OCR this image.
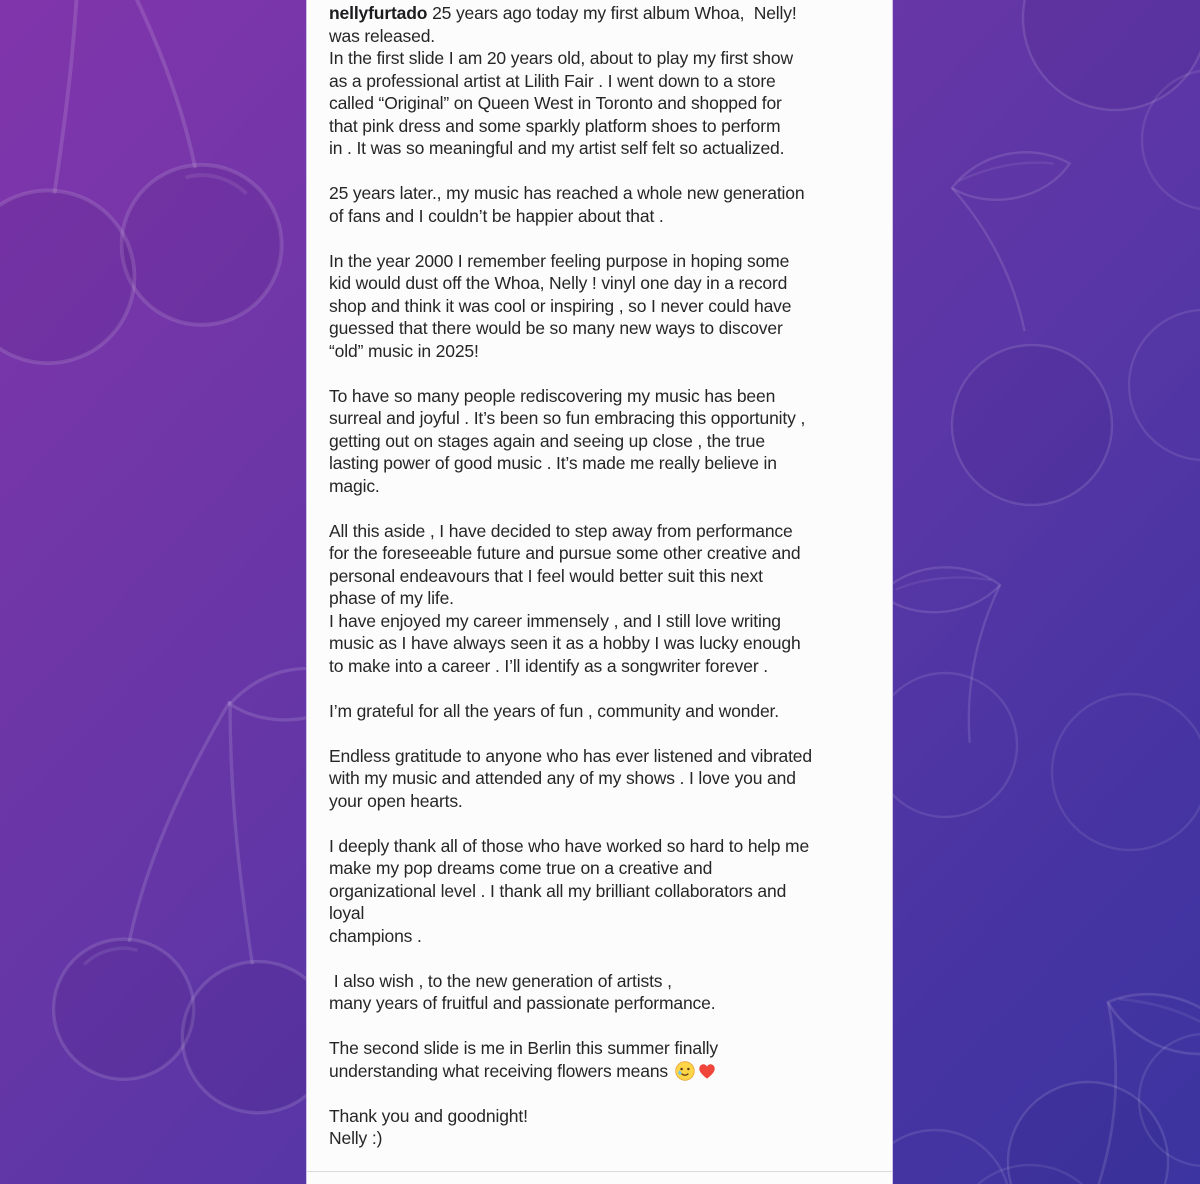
nellyfurtado 25 years ago today my first album Whoa,  Nelly!
was released.
In the first slide I am 20 years old, about to play my first show
as a professional artist at Lilith Fair . I went down to a store
called “Original” on Queen West in Toronto and shopped for
that pink dress and some sparkly platform shoes to perform
in . It was so meaningful and my artist self felt so actualized.
25 years later., my music has reached a whole new generation
of fans and I couldn’t be happier about that .
In the year 2000 I remember feeling purpose in hoping some
kid would dust off the Whoa, Nelly ! vinyl one day in a record
shop and think it was cool or inspiring , so I never could have
guessed that there would be so many new ways to discover
“old” music in 2025!
To have so many people rediscovering my music has been
surreal and joyful . It’s been so fun embracing this opportunity ,
getting out on stages again and seeing up close , the true
lasting power of good music . It’s made me really believe in
magic.
All this aside , I have decided to step away from performance
for the foreseeable future and pursue some other creative and
personal endeavours that I feel would better suit this next
phase of my life.
I have enjoyed my career immensely , and I still love writing
music as I have always seen it as a hobby I was lucky enough
to make into a career . I’ll identify as a songwriter forever .
I’m grateful for all the years of fun , community and wonder.
Endless gratitude to anyone who has ever listened and vibrated
with my music and attended any of my shows . I love you and
your open hearts.
I deeply thank all of those who have worked so hard to help me
make my pop dreams come true on a creative and
organizational level . I thank all my brilliant collaborators and
loyal
champions .
I also wish , to the new generation of artists ,
many years of fruitful and passionate performance.
The second slide is me in Berlin this summer finally
understanding what receiving flowers means
Thank you and goodnight!
Nelly :)
